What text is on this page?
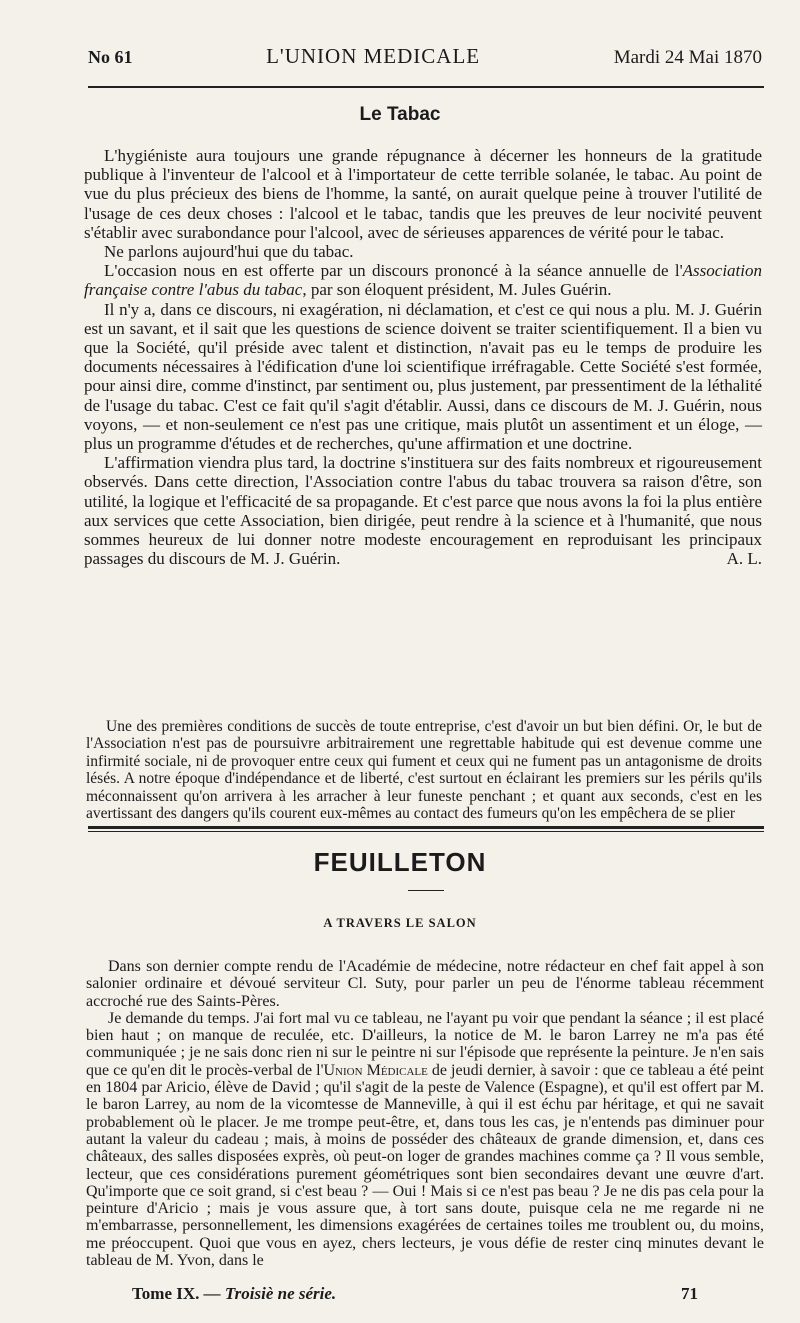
No 61	L'UNION MEDICALE	Mardi 24 Mai 1870
Le Tabac

L'hygiéniste aura toujours une grande répugnance à décerner les honneurs de la gratitude publique à l'inventeur de l'alcool et à l'importateur de cette terrible solanée, le tabac. Au point de vue du plus précieux des biens de l'homme, la santé, on aurait quelque peine à trouver l'utilité de l'usage de ces deux choses : l'alcool et le tabac, tandis que les preuves de leur nocivité peuvent s'établir avec surabondance pour l'alcool, avec de sérieuses apparences de vérité pour le tabac.

Ne parlons aujourd'hui que du tabac.

L'occasion nous en est offerte par un discours prononcé à la séance annuelle de l'Association française contre l'abus du tabac, par son éloquent président, M. Jules Guérin.

Il n'y a, dans ce discours, ni exagération, ni déclamation, et c'est ce qui nous a plu. M. J. Guérin est un savant, et il sait que les questions de science doivent se traiter scientifiquement. Il a bien vu que la Société, qu'il préside avec talent et distinction, n'avait pas eu le temps de produire les documents nécessaires à l'édification d'une loi scientifique irréfragable. Cette Société s'est formée, pour ainsi dire, comme d'instinct, par sentiment ou, plus justement, par pressentiment de la léthalité de l'usage du tabac. C'est ce fait qu'il s'agit d'établir. Aussi, dans ce discours de M. J. Guérin, nous voyons, — et non-seulement ce n'est pas une critique, mais plutôt un assentiment et un éloge, — plus un programme d'études et de recherches, qu'une affirmation et une doctrine.

L'affirmation viendra plus tard, la doctrine s'instituera sur des faits nombreux et rigoureusement observés. Dans cette direction, l'Association contre l'abus du tabac trouvera sa raison d'être, son utilité, la logique et l'efficacité de sa propagande. Et c'est parce que nous avons la foi la plus entière aux services que cette Association, bien dirigée, peut rendre à la science et à l'humanité, que nous sommes heureux de lui donner notre modeste encouragement en reproduisant les principaux passages du discours de M. J. Guérin.	A. L.

Une des premières conditions de succès de toute entreprise, c'est d'avoir un but bien défini. Or, le but de l'Association n'est pas de poursuivre arbitrairement une regrettable habitude qui est devenue comme une infirmité sociale, ni de provoquer entre ceux qui fument et ceux qui ne fument pas un antagonisme de droits lésés. A notre époque d'indépendance et de liberté, c'est surtout en éclairant les premiers sur les périls qu'ils méconnaissent qu'on arrivera à les arracher à leur funeste penchant ; et quant aux seconds, c'est en les avertissant des dangers qu'ils courent eux-mêmes au contact des fumeurs qu'on les empêchera de se plier

FEUILLETON
A TRAVERS LE SALON

Dans son dernier compte rendu de l'Académie de médecine, notre rédacteur en chef fait appel à son salonier ordinaire et dévoué serviteur Cl. Suty, pour parler un peu de l'énorme tableau récemment accroché rue des Saints-Pères.

Je demande du temps. J'ai fort mal vu ce tableau, ne l'ayant pu voir que pendant la séance ; il est placé bien haut ; on manque de reculée, etc. D'ailleurs, la notice de M. le baron Larrey ne m'a pas été communiquée ; je ne sais donc rien ni sur le peintre ni sur l'épisode que représente la peinture. Je n'en sais que ce qu'en dit le procès-verbal de l'Union Médicale de jeudi dernier, à savoir : que ce tableau a été peint en 1804 par Aricio, élève de David ; qu'il s'agit de la peste de Valence (Espagne), et qu'il est offert par M. le baron Larrey, au nom de la vicomtesse de Manneville, à qui il est échu par héritage, et qui ne savait probablement où le placer. Je me trompe peut-être, et, dans tous les cas, je n'entends pas diminuer pour autant la valeur du cadeau ; mais, à moins de posséder des châteaux de grande dimension, et, dans ces châteaux, des salles disposées exprès, où peut-on loger de grandes machines comme ça ? Il vous semble, lecteur, que ces considérations purement géométriques sont bien secondaires devant une œuvre d'art. Qu'importe que ce soit grand, si c'est beau ? — Oui ! Mais si ce n'est pas beau ? Je ne dis pas cela pour la peinture d'Aricio ; mais je vous assure que, à tort sans doute, puisque cela ne me regarde ni ne m'embarrasse, personnellement, les dimensions exagérées de certaines toiles me troublent ou, du moins, me préoccupent. Quoi que vous en ayez, chers lecteurs, je vous défie de rester cinq minutes devant le tableau de M. Yvon, dans le

Tome IX. — Troisiè ne série.	71
